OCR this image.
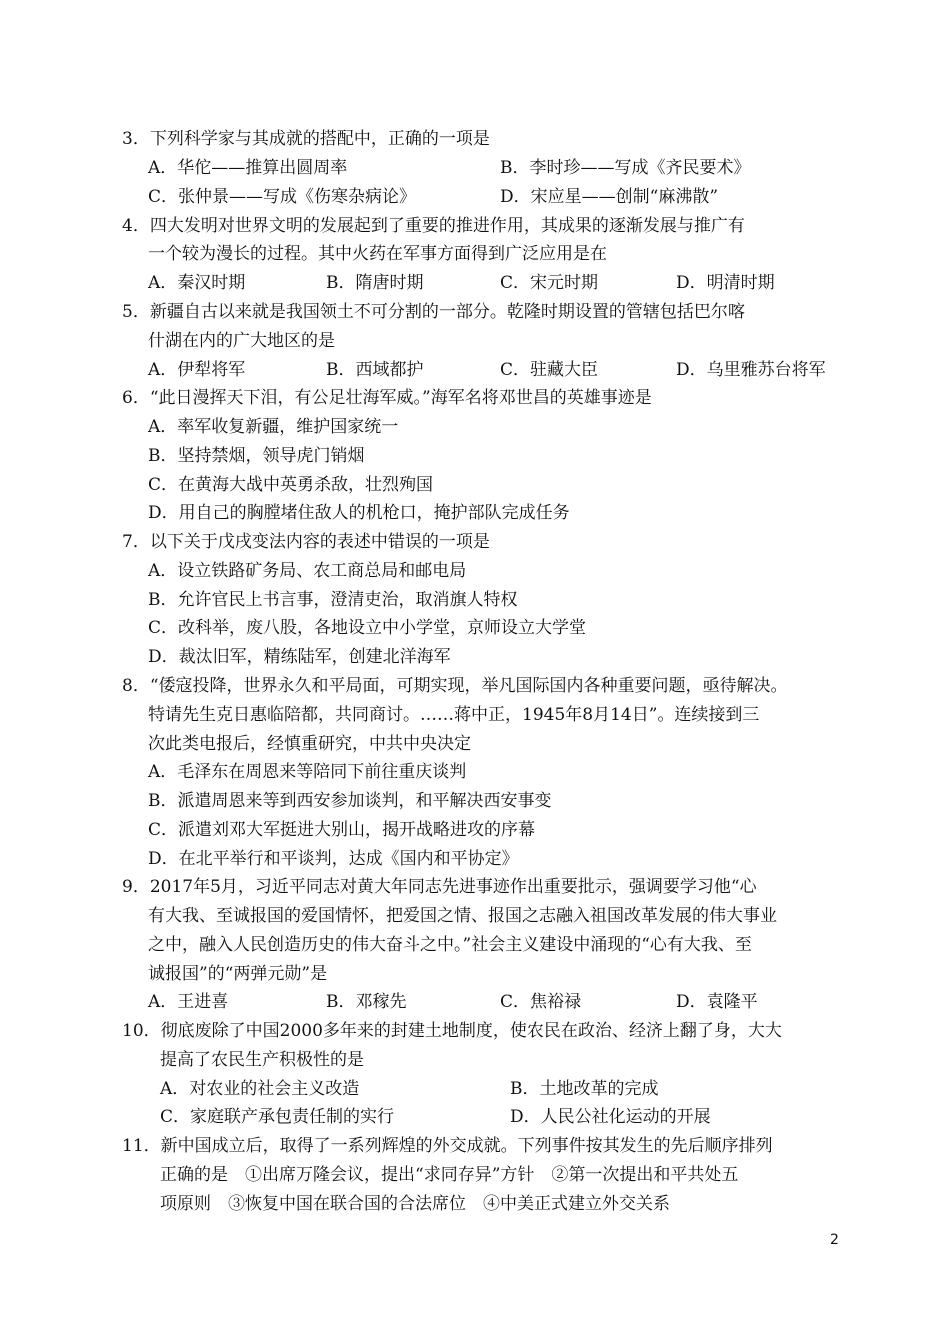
3．下列科学家与其成就的搭配中，正确的一项是
A．华佗——推算出圆周率	B．李时珍——写成《齐民要术》
C．张仲景——写成《伤寒杂病论》	D．宋应星——创制“麻沸散”
4．四大发明对世界文明的发展起到了重要的推进作用，其成果的逐渐发展与推广有
一个较为漫长的过程。其中火药在军事方面得到广泛应用是在
A．秦汉时期	B．隋唐时期	C．宋元时期	D．明清时期
5．新疆自古以来就是我国领土不可分割的一部分。乾隆时期设置的管辖包括巴尔喀
什湖在内的广大地区的是
A．伊犁将军	B．西域都护	C．驻藏大臣	D．乌里雅苏台将军
6．“此日漫挥天下泪，有公足壮海军威。”海军名将邓世昌的英雄事迹是
A．率军收复新疆，维护国家统一
B．坚持禁烟，领导虎门销烟
C．在黄海大战中英勇杀敌，壮烈殉国
D．用自己的胸膛堵住敌人的机枪口，掩护部队完成任务
7．以下关于戊戌变法内容的表述中错误的一项是
A．设立铁路矿务局、农工商总局和邮电局
B．允许官民上书言事，澄清吏治，取消旗人特权
C．改科举，废八股，各地设立中小学堂，京师设立大学堂
D．裁汰旧军，精练陆军，创建北洋海军
8．“倭寇投降，世界永久和平局面，可期实现，举凡国际国内各种重要问题，亟待解决。
特请先生克日惠临陪都，共同商讨。……蒋中正，1945年8月14日”。连续接到三
次此类电报后，经慎重研究，中共中央决定
A．毛泽东在周恩来等陪同下前往重庆谈判
B．派遣周恩来等到西安参加谈判，和平解决西安事变
C．派遣刘邓大军挺进大别山，揭开战略进攻的序幕
D．在北平举行和平谈判，达成《国内和平协定》
9．2017年5月，习近平同志对黄大年同志先进事迹作出重要批示，强调要学习他“心
有大我、至诚报国的爱国情怀，把爱国之情、报国之志融入祖国改革发展的伟大事业
之中，融入人民创造历史的伟大奋斗之中。”社会主义建设中涌现的“心有大我、至
诚报国”的“两弹元勋”是
A．王进喜	B．邓稼先	C．焦裕禄	D．袁隆平
10．彻底废除了中国2000多年来的封建土地制度，使农民在政治、经济上翻了身，大大
提高了农民生产积极性的是
A．对农业的社会主义改造	B．土地改革的完成
C．家庭联产承包责任制的实行	D．人民公社化运动的开展
11．新中国成立后，取得了一系列辉煌的外交成就。下列事件按其发生的先后顺序排列
正确的是　①出席万隆会议，提出“求同存异”方针　②第一次提出和平共处五
项原则　③恢复中国在联合国的合法席位　④中美正式建立外交关系
2
